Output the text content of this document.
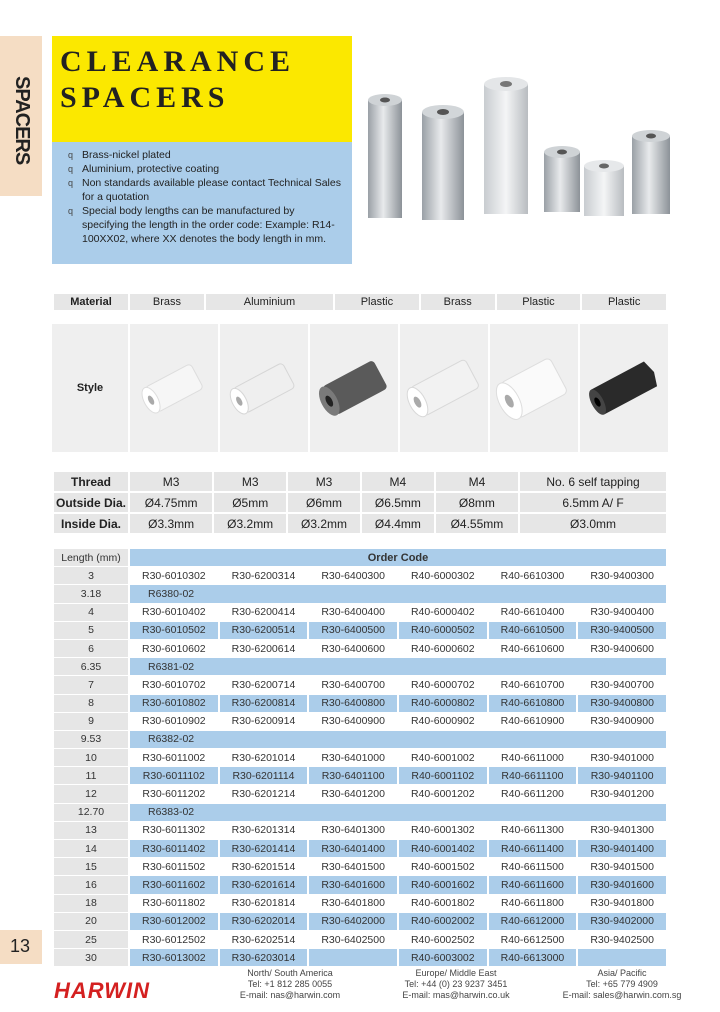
SPACERS
13
CLEARANCE
SPACERS
q Brass-nickel plated
q Aluminium, protective coating
q Non standards available please contact Technical Sales for a quotation
q Special body lengths can be manufactured by specifying the length in the order code: Example: R14-100XX02, where XX denotes the body length in mm.
Material	Brass	Aluminium	Plastic	Brass	Plastic	Plastic
Style
Thread	M3	M3	M3	M4	M4	No. 6 self tapping
Outside Dia.	Ø4.75mm	Ø5mm	Ø6mm	Ø6.5mm	Ø8mm	6.5mm A/ F
Inside Dia.	Ø3.3mm	Ø3.2mm	Ø3.2mm	Ø4.4mm	Ø4.55mm	Ø3.0mm
Length (mm)	Order Code					
3	R30-6010302	R30-6200314	R30-6400300	R40-6000302	R40-6610300	R30-9400300
3.18	R6380-02					
4	R30-6010402	R30-6200414	R30-6400400	R40-6000402	R40-6610400	R30-9400400
5	R30-6010502	R30-6200514	R30-6400500	R40-6000502	R40-6610500	R30-9400500
6	R30-6010602	R30-6200614	R30-6400600	R40-6000602	R40-6610600	R30-9400600
6.35	R6381-02					
7	R30-6010702	R30-6200714	R30-6400700	R40-6000702	R40-6610700	R30-9400700
8	R30-6010802	R30-6200814	R30-6400800	R40-6000802	R40-6610800	R30-9400800
9	R30-6010902	R30-6200914	R30-6400900	R40-6000902	R40-6610900	R30-9400900
9.53	R6382-02					
10	R30-6011002	R30-6201014	R30-6401000	R40-6001002	R40-6611000	R30-9401000
11	R30-6011102	R30-6201114	R30-6401100	R40-6001102	R40-6611100	R30-9401100
12	R30-6011202	R30-6201214	R30-6401200	R40-6001202	R40-6611200	R30-9401200
12.70	R6383-02					
13	R30-6011302	R30-6201314	R30-6401300	R40-6001302	R40-6611300	R30-9401300
14	R30-6011402	R30-6201414	R30-6401400	R40-6001402	R40-6611400	R30-9401400
15	R30-6011502	R30-6201514	R30-6401500	R40-6001502	R40-6611500	R30-9401500
16	R30-6011602	R30-6201614	R30-6401600	R40-6001602	R40-6611600	R30-9401600
18	R30-6011802	R30-6201814	R30-6401800	R40-6001802	R40-6611800	R30-9401800
20	R30-6012002	R30-6202014	R30-6402000	R40-6002002	R40-6612000	R30-9402000
25	R30-6012502	R30-6202514	R30-6402500	R40-6002502	R40-6612500	R30-9402500
30	R30-6013002	R30-6203014		R40-6003002	R40-6613000	
HARWIN
North/ South America
Tel: +1 812 285 0055
E-mail: nas@harwin.com
Europe/ Middle East
Tel: +44 (0) 23 9237 3451
E-mail: mas@harwin.co.uk
Asia/ Pacific
Tel: +65 779 4909
E-mail: sales@harwin.com.sg
